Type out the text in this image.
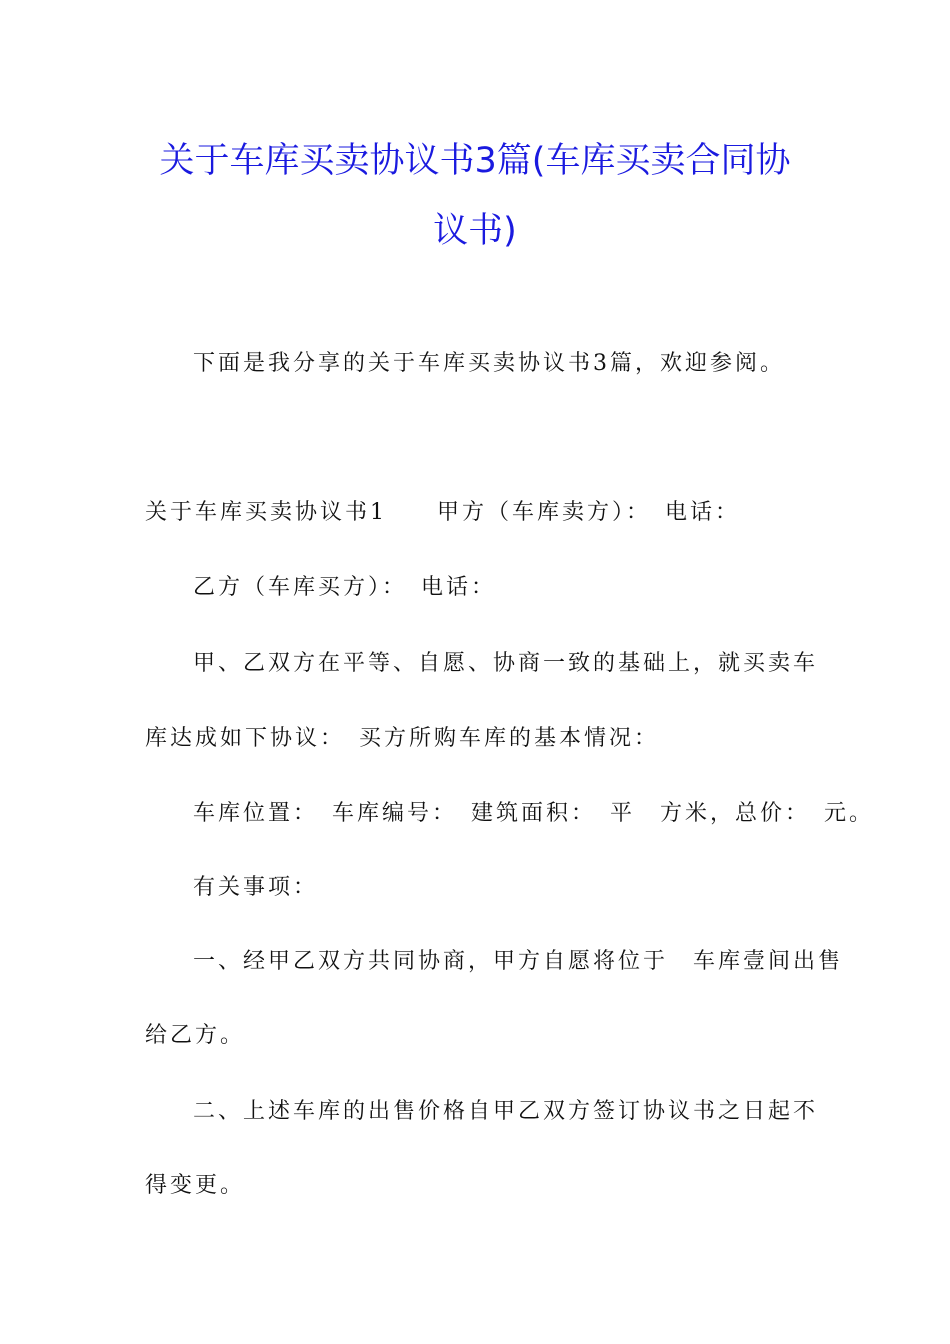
关于车库买卖协议书3篇(车库买卖合同协
议书)

下面是我分享的关于车库买卖协议书3篇，欢迎参阅。

关于车库买卖协议书1　　甲方（车库卖方）：　电话：

乙方（车库买方）：　电话：

甲、乙双方在平等、自愿、协商一致的基础上，就买卖车

库达成如下协议：　买方所购车库的基本情况：

车库位置：　车库编号：　建筑面积：　平　方米，总价：　元。

有关事项：

一、经甲乙双方共同协商，甲方自愿将位于　车库壹间出售

给乙方。

二、上述车库的出售价格自甲乙双方签订协议书之日起不

得变更。
